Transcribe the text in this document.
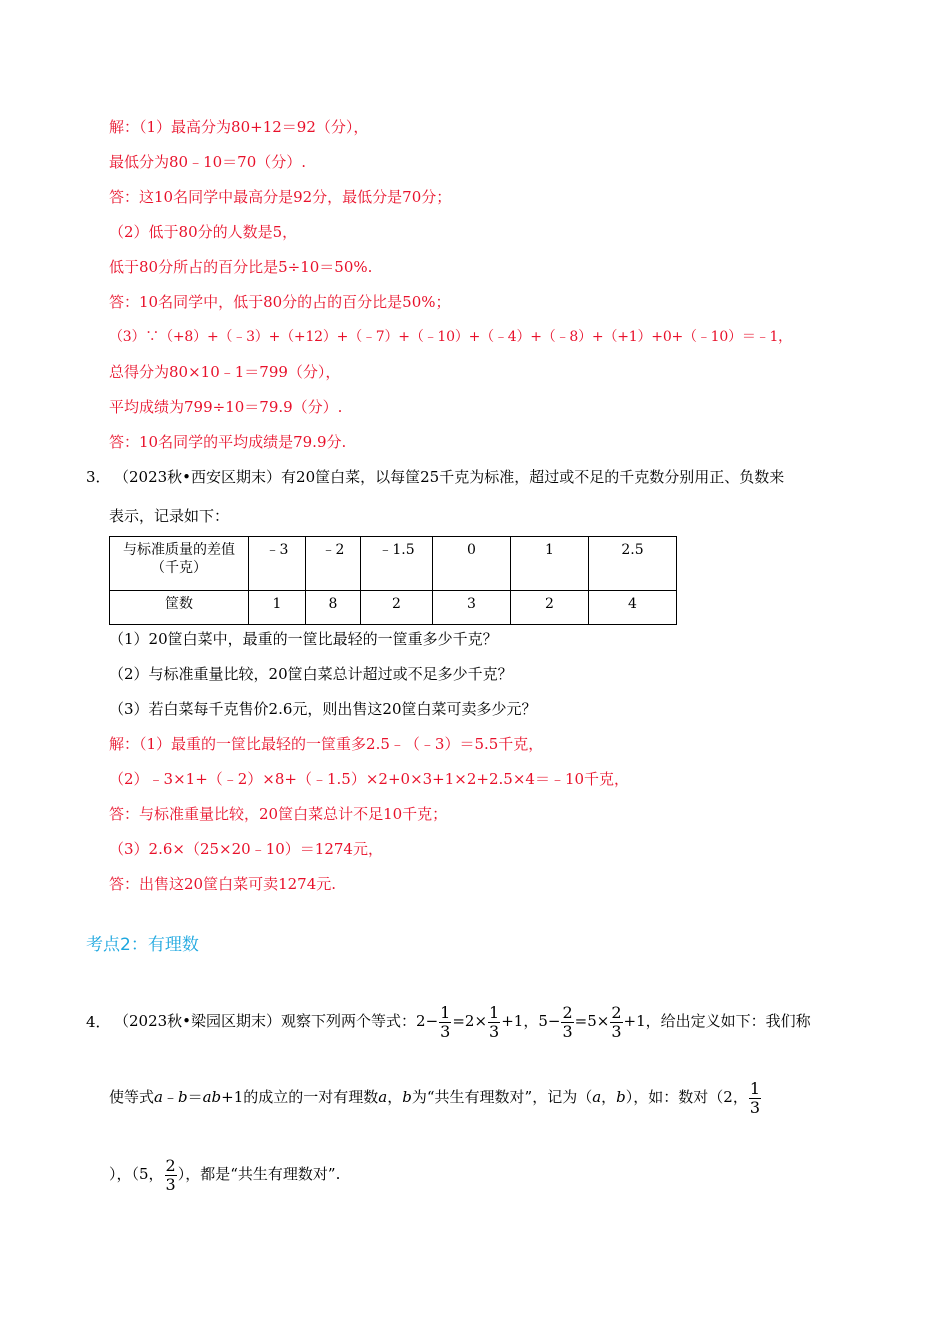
解：（1）最高分为80+12＝92（分），
最低分为80﹣10＝70（分）.
答：这10名同学中最高分是92分，最低分是70分；
（2）低于80分的人数是5，
低于80分所占的百分比是5÷10＝50%.
答：10名同学中，低于80分的占的百分比是50%；
（3）∵（+8）+（﹣3）+（+12）+（﹣7）+（﹣10）+（﹣4）+（﹣8）+（+1）+0+（﹣10）＝﹣1，
总得分为80×10﹣1＝799（分），
平均成绩为799÷10＝79.9（分）.
答：10名同学的平均成绩是79.9分.
3． （2023秋•西安区期末）有20筐白菜，以每筐25千克为标准，超过或不足的千克数分别用正、负数来
表示，记录如下：
与标准质量的差值
（千克）	﹣3	﹣2	﹣1.5	0	1	2.5
筐数	1	8	2	3	2	4
（1）20筐白菜中，最重的一筐比最轻的一筐重多少千克？
（2）与标准重量比较，20筐白菜总计超过或不足多少千克？
（3）若白菜每千克售价2.6元，则出售这20筐白菜可卖多少元？
解：（1）最重的一筐比最轻的一筐重多2.5﹣（﹣3）＝5.5千克，
（2）﹣3×1+（﹣2）×8+（﹣1.5）×2+0×3+1×2+2.5×4＝﹣10千克，
答：与标准重量比较，20筐白菜总计不足10千克；
（3）2.6×（25×20﹣10）＝1274元，
答：出售这20筐白菜可卖1274元.
考点2：有理数
4． （2023秋•梁园区期末）观察下列两个等式：$2- \frac{1}{3} =2\times \frac{1}{3} +1$，$5- \frac{2}{3} =5\times \frac{2}{3} +1$，给出定义如下：我们称
使等式a﹣b＝ab+1的成立的一对有理数a，b为“共生有理数对”，记为（a，b），如：数对（2， $\frac{1}{3}$
），（5， $\frac{2}{3}$ ），都是“共生有理数对”.
